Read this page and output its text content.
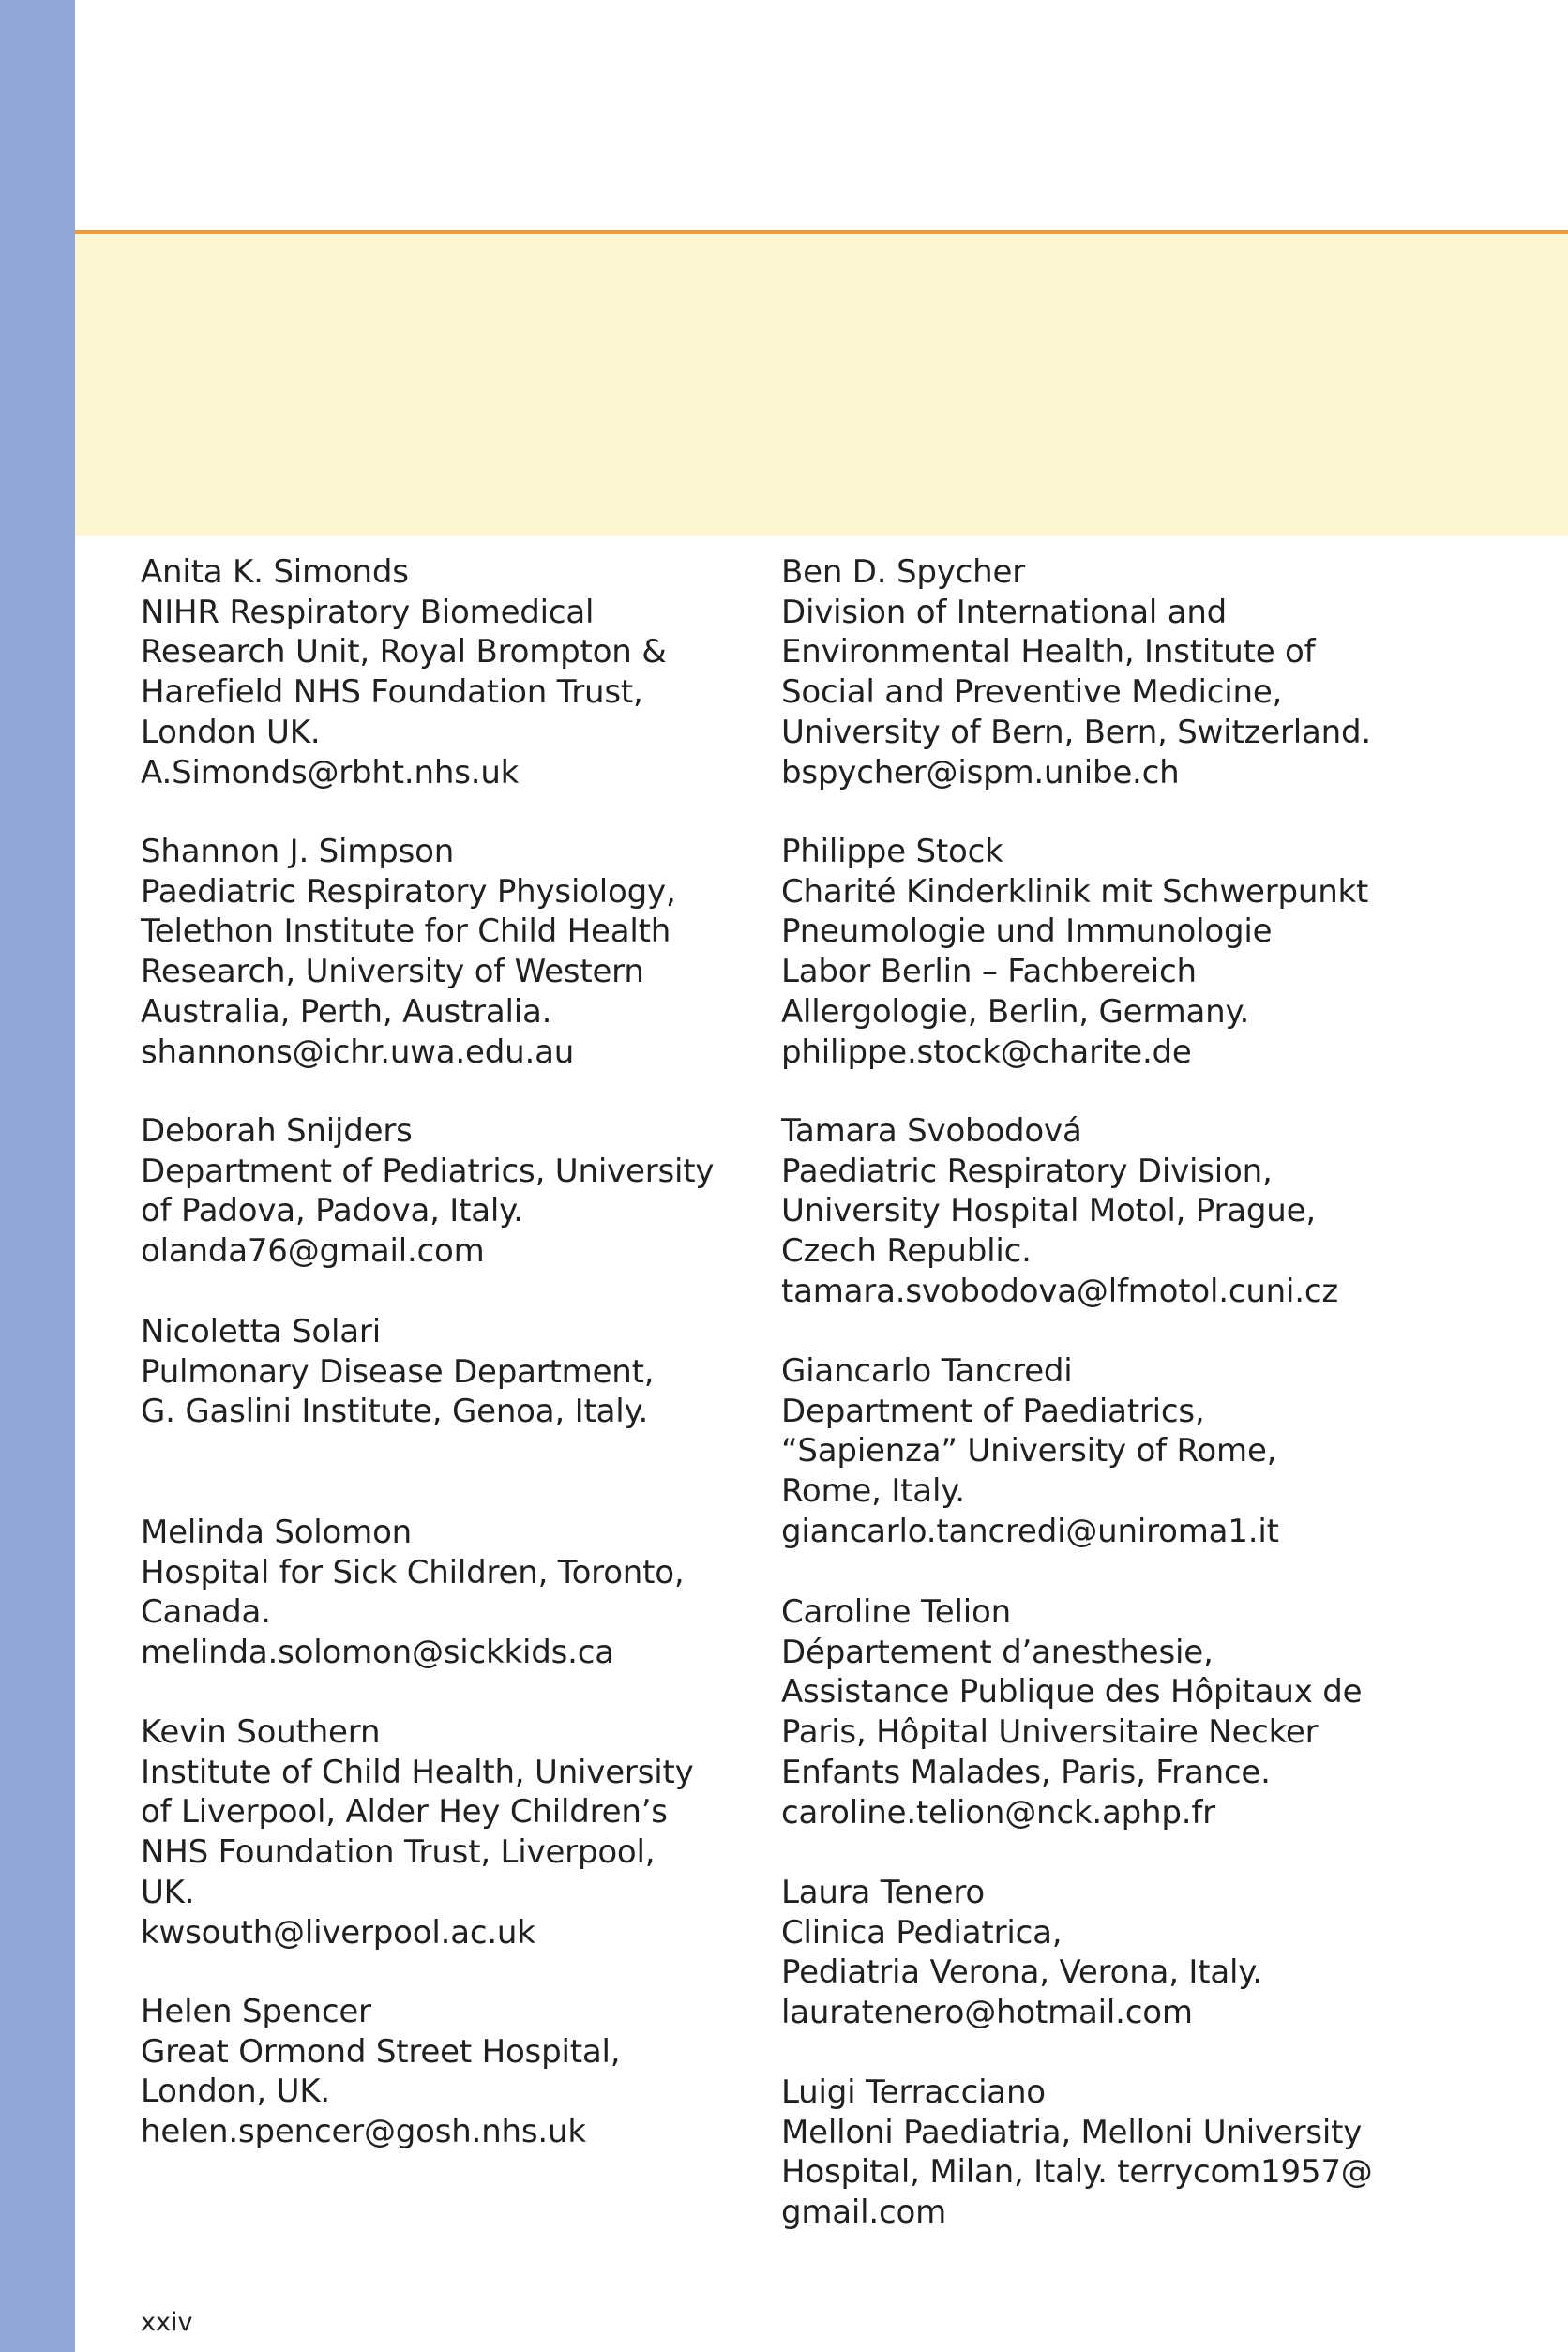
Anita K. Simonds
NIHR Respiratory Biomedical
Research Unit, Royal Brompton &
Harefield NHS Foundation Trust,
London UK.
A.Simonds@rbht.nhs.uk
Shannon J. Simpson
Paediatric Respiratory Physiology,
Telethon Institute for Child Health
Research, University of Western
Australia, Perth, Australia.
shannons@ichr.uwa.edu.au
Deborah Snijders
Department of Pediatrics, University
of Padova, Padova, Italy.
olanda76@gmail.com
Nicoletta Solari
Pulmonary Disease Department,
G. Gaslini Institute, Genoa, Italy.
Melinda Solomon
Hospital for Sick Children, Toronto,
Canada.
melinda.solomon@sickkids.ca
Kevin Southern
Institute of Child Health, University
of Liverpool, Alder Hey Children’s
NHS Foundation Trust, Liverpool,
UK.
kwsouth@liverpool.ac.uk
Helen Spencer
Great Ormond Street Hospital,
London, UK.
helen.spencer@gosh.nhs.uk
Ben D. Spycher
Division of International and
Environmental Health, Institute of
Social and Preventive Medicine,
University of Bern, Bern, Switzerland.
bspycher@ispm.unibe.ch
Philippe Stock
Charité Kinderklinik mit Schwerpunkt
Pneumologie und Immunologie
Labor Berlin – Fachbereich
Allergologie, Berlin, Germany.
philippe.stock@charite.de
Tamara Svobodová
Paediatric Respiratory Division,
University Hospital Motol, Prague,
Czech Republic.
tamara.svobodova@lfmotol.cuni.cz
Giancarlo Tancredi
Department of Paediatrics,
“Sapienza” University of Rome,
Rome, Italy.
giancarlo.tancredi@uniroma1.it
Caroline Telion
Département d’anesthesie,
Assistance Publique des Hôpitaux de
Paris, Hôpital Universitaire Necker
Enfants Malades, Paris, France.
caroline.telion@nck.aphp.fr
Laura Tenero
Clinica Pediatrica,
Pediatria Verona, Verona, Italy.
lauratenero@hotmail.com
Luigi Terracciano
Melloni Paediatria, Melloni University
Hospital, Milan, Italy. terrycom1957@
gmail.com
xxiv
